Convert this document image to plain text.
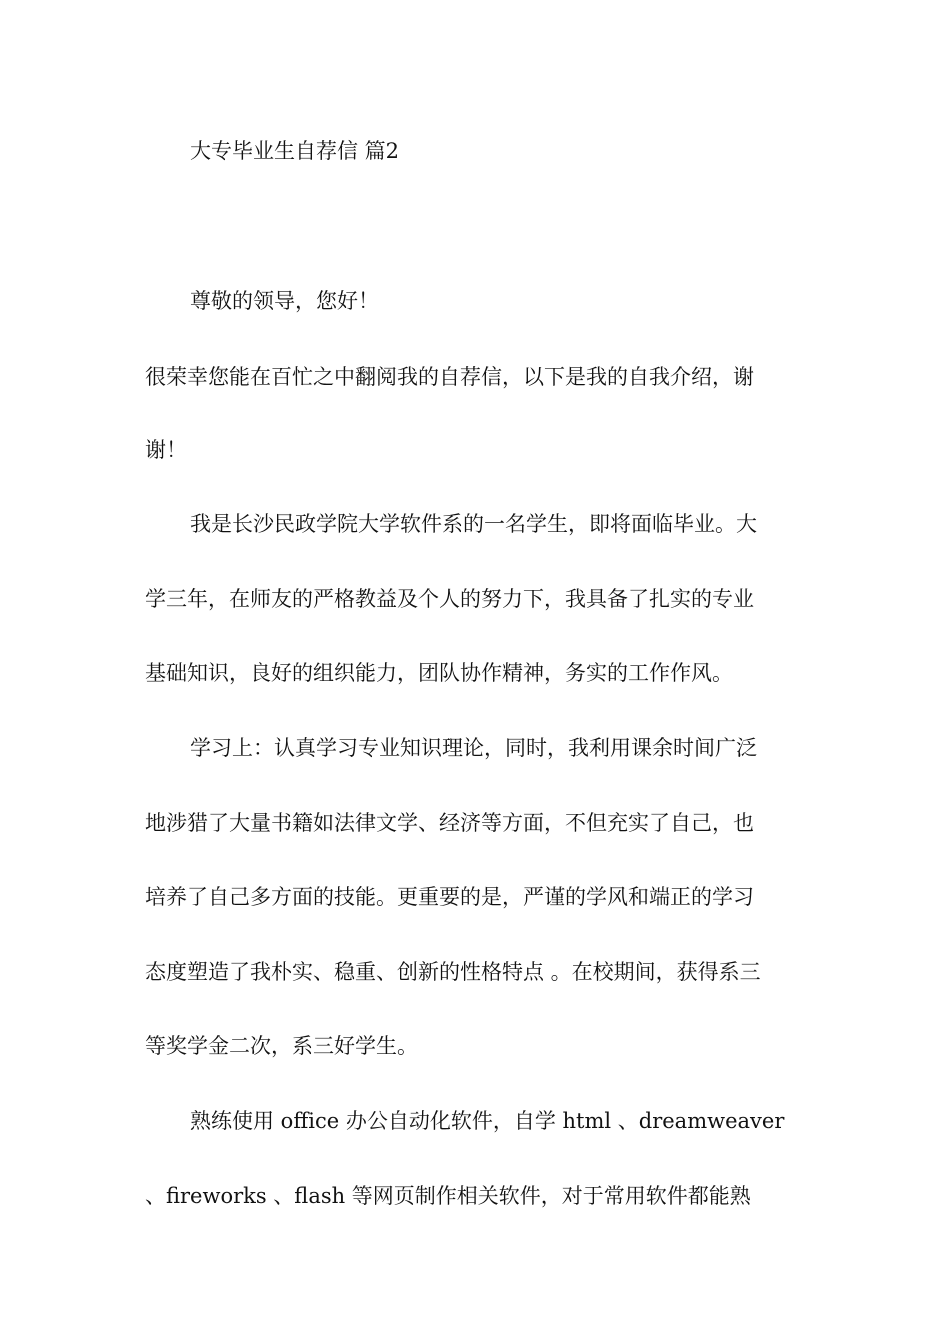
大专毕业生自荐信 篇2
尊敬的领导，您好！
很荣幸您能在百忙之中翻阅我的自荐信，以下是我的自我介绍，谢
谢！
我是长沙民政学院大学软件系的一名学生，即将面临毕业。大
学三年，在师友的严格教益及个人的努力下，我具备了扎实的专业
基础知识，良好的组织能力，团队协作精神，务实的工作作风。
学习上：认真学习专业知识理论，同时，我利用课余时间广泛
地涉猎了大量书籍如法律文学、经济等方面，不但充实了自己，也
培养了自己多方面的技能。更重要的是，严谨的学风和端正的学习
态度塑造了我朴实、稳重、创新的性格特点 。在校期间，获得系三
等奖学金二次，系三好学生。
熟练使用 office 办公自动化软件，自学 html 、dreamweaver
、fireworks 、flash 等网页制作相关软件，对于常用软件都能熟
